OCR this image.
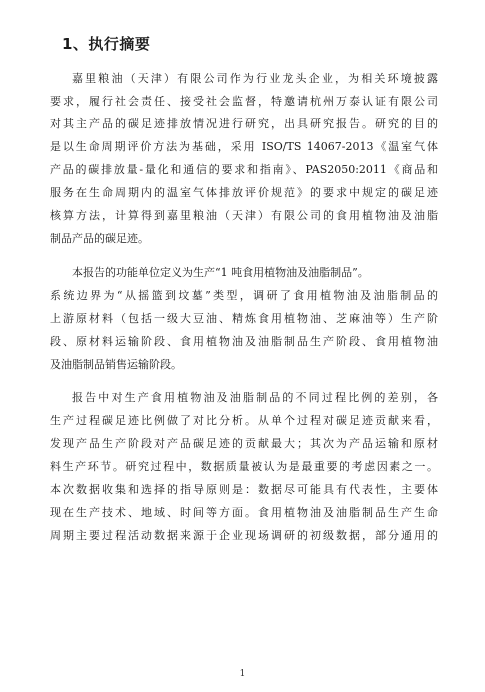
1、执行摘要
嘉里粮油（天津）有限公司作为行业龙头企业，为相关环境披露
要求，履行社会责任、接受社会监督，特邀请杭州万泰认证有限公司
对其主产品的碳足迹排放情况进行研究，出具研究报告。研究的目的
是以生命周期评价方法为基础，采用 ISO/TS 14067-2013《温室气体
产品的碳排放量-量化和通信的要求和指南》、PAS2050:2011《商品和
服务在生命周期内的温室气体排放评价规范》的要求中规定的碳足迹
核算方法，计算得到嘉里粮油（天津）有限公司的食用植物油及油脂
制品产品的碳足迹。
本报告的功能单位定义为生产“1 吨食用植物油及油脂制品”。
系统边界为“从摇篮到坟墓”类型，调研了食用植物油及油脂制品的
上游原材料（包括一级大豆油、精炼食用植物油、芝麻油等）生产阶
段、原材料运输阶段、食用植物油及油脂制品生产阶段、食用植物油
及油脂制品销售运输阶段。
报告中对生产食用植物油及油脂制品的不同过程比例的差别，各
生产过程碳足迹比例做了对比分析。从单个过程对碳足迹贡献来看，
发现产品生产阶段对产品碳足迹的贡献最大；其次为产品运输和原材
料生产环节。研究过程中，数据质量被认为是最重要的考虑因素之一。
本次数据收集和选择的指导原则是：数据尽可能具有代表性，主要体
现在生产技术、地域、时间等方面。食用植物油及油脂制品生产生命
周期主要过程活动数据来源于企业现场调研的初级数据，部分通用的
1
